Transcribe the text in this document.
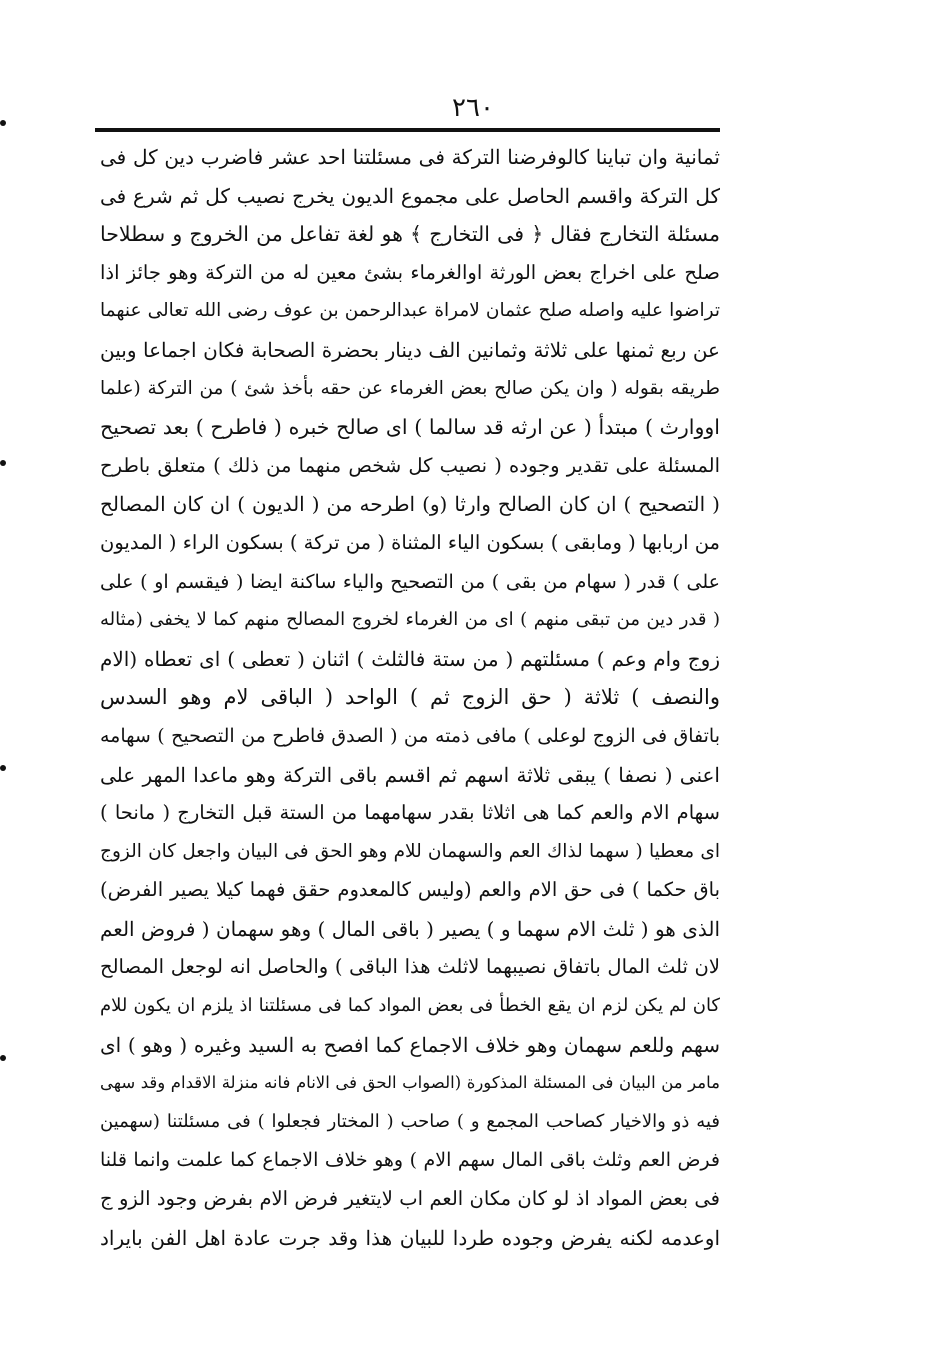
٢٦٠
ثمانية وان تباينا كالوفرضنا التركة فى مسئلتنا احد عشر فاضرب دين كل فى
كل التركة واقسم الحاصل على مجموع الديون يخرج نصيب كل ثم شرع فى
مسئلة التخارج فقال ﴿ فى التخارج ﴾ هو لغة تفاعل من الخروج و سطلاحا
صلح على اخراج بعض الورثة اوالغرماء بشئ معين له من التركة وهو جائز اذا
تراضوا عليه واصله صلح عثمان لامراة عبدالرحمن بن عوف رضى الله تعالى عنهما
عن ربع ثمنها على ثلاثة وثمانين الف دينار بحضرة الصحابة فكان اجماعا وبين
طريقه بقوله ( وان يكن صالح بعض الغرماء عن حقه بأخذ شئ ) من التركة (علما
اووارث ) مبتدأ ( عن ارثه قد سالما ) اى صالح خبره ( فاطرح ) بعد تصحيح
المسئلة على تقدير وجوده ( نصيب كل شخص منهما من ذلك ) متعلق باطرح
( التصحيح ) ان كان الصالح وارثا (و) اطرحه من ( الديون ) ان كان المصالح
من اربابها ( ومابقى ) بسكون الياء المثناة ( من تركة ) بسكون الراء ( المديون
على ) قدر ( سهام من بقى ) من التصحيح والياء ساكنة ايضا ( فيقسم او ) على
( قدر دين من تبقى منهم ) اى من الغرماء لخروج المصالح منهم كما لا يخفى (مثاله
زوج وام وعم ) مسئلتهم ( من ستة فالثلث ) اثنان ( تعطى ) اى تعطاه (الام
والنصف ) ثلاثة ( حق الزوج ثم ) الواحد ( الباقى لام وهو السدس
باتفاق فى الزوج لوعلى ) مافى ذمته من ( الصدق فاطرح من التصحيح ) سهامه
اعنى ( نصفا ) يبقى ثلاثة اسهم ثم اقسم باقى التركة وهو ماعدا المهر على
سهام الام والعم كما هى اثلاثا بقدر سهامهما من الستة قبل التخارج ( مانحا )
اى معطيا ( سهما لذاك العم والسهمان للام وهو الحق فى البيان واجعل كان الزوج
باق حكما ) فى حق الام والعم (وليس كالمعدوم حقق فهما كيلا يصير الفرض)
الذى هو ( ثلث الام سهما و ) يصير ( باقى المال ) وهو سهمان ( فروض العم
لان ثلث المال باتفاق نصيبهما لاثلث هذا الباقى ) والحاصل انه لوجعل المصالح
كان لم يكن لزم ان يقع الخطأ فى بعض المواد كما فى مسئلتنا اذ يلزم ان يكون للام
سهم وللعم سهمان وهو خلاف الاجماع كما افصح به السيد وغيره ( وهو ) اى
مامر من البيان فى المسئلة المذكورة (الصواب الحق فى الانام فانه منزلة الاقدام وقد سهى
فيه ذو والاخيار كصاحب المجمع و ) صاحب ( المختار فجعلوا ) فى مسئلتنا (سهمين
فرض العم وثلث باقى المال سهم الام ) وهو خلاف الاجماع كما علمت وانما قلنا
فى بعض المواد اذ لو كان مكان العم اب لايتغير فرض الام بفرض وجود الزو ج
اوعدمه لكنه يفرض وجوده طردا للبيان هذا وقد جرت عادة اهل الفن بايراد
